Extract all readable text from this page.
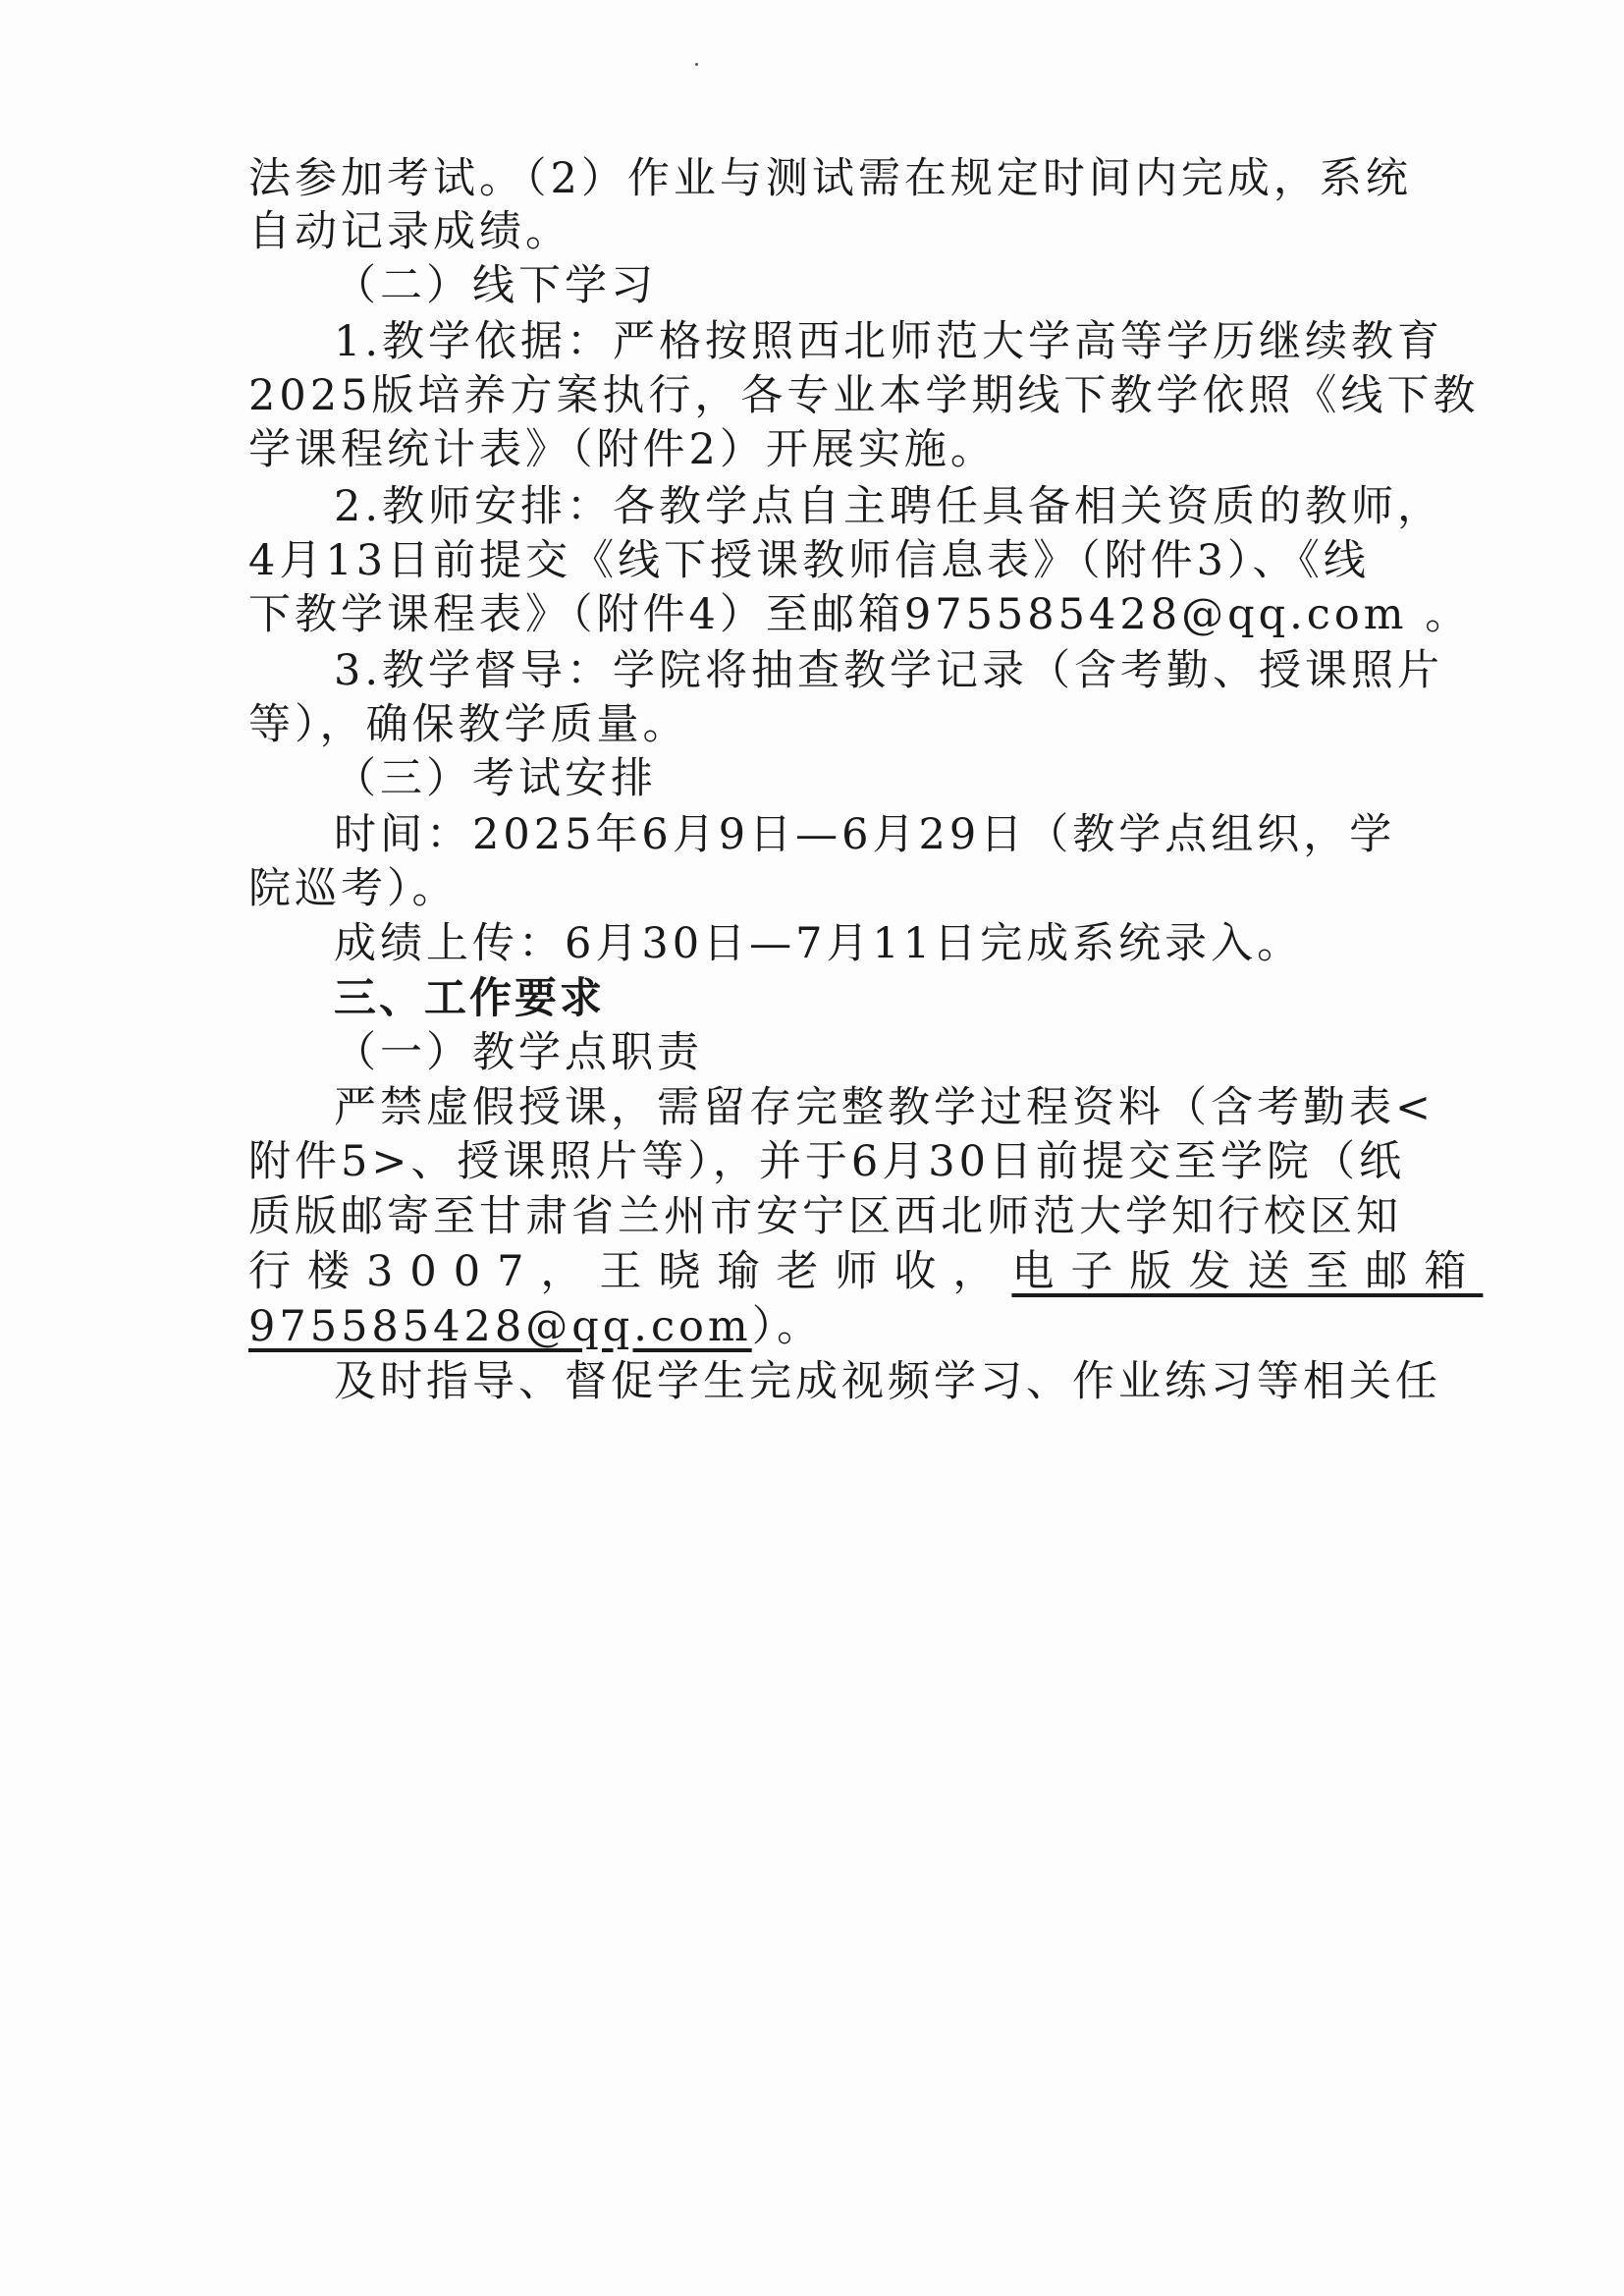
法参加考试。（2）作业与测试需在规定时间内完成，系统
自动记录成绩。
（二）线下学习
1.教学依据：严格按照西北师范大学高等学历继续教育
2025版培养方案执行，各专业本学期线下教学依照《线下教
学课程统计表》（附件2）开展实施。
2.教师安排：各教学点自主聘任具备相关资质的教师，
4月13日前提交《线下授课教师信息表》（附件3）、《线
下教学课程表》（附件4）至邮箱975585428@qq.com 。
3.教学督导：学院将抽查教学记录（含考勤、授课照片
等），确保教学质量。
（三）考试安排
时间：2025年6月9日—6月29日（教学点组织，学
院巡考）。
成绩上传：6月30日—7月11日完成系统录入。
三、工作要求
（一）教学点职责
严禁虚假授课，需留存完整教学过程资料（含考勤表<
附件5>、授课照片等），并于6月30日前提交至学院（纸
质版邮寄至甘肃省兰州市安宁区西北师范大学知行校区知
行楼3007，王晓瑜老师收，电子版发送至邮箱
975585428@qq.com）。
及时指导、督促学生完成视频学习、作业练习等相关任
